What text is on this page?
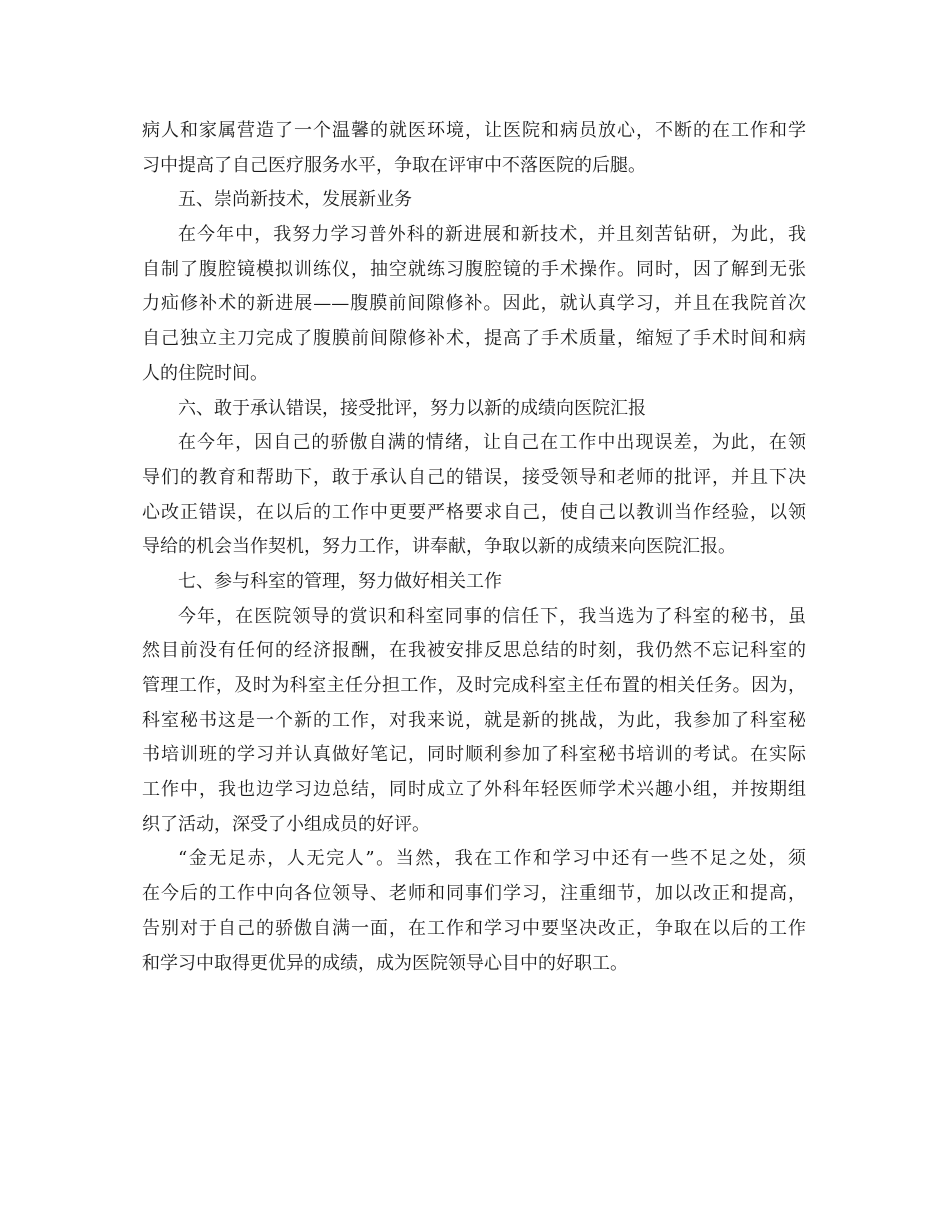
病人和家属营造了一个温馨的就医环境，让医院和病员放心，不断的在工作和学
习中提高了自己医疗服务水平，争取在评审中不落医院的后腿。
五、崇尚新技术，发展新业务
在今年中，我努力学习普外科的新进展和新技术，并且刻苦钻研，为此，我
自制了腹腔镜模拟训练仪，抽空就练习腹腔镜的手术操作。同时，因了解到无张
力疝修补术的新进展——腹膜前间隙修补。因此，就认真学习，并且在我院首次
自己独立主刀完成了腹膜前间隙修补术，提高了手术质量，缩短了手术时间和病
人的住院时间。
六、敢于承认错误，接受批评，努力以新的成绩向医院汇报
在今年，因自己的骄傲自满的情绪，让自己在工作中出现误差，为此，在领
导们的教育和帮助下，敢于承认自己的错误，接受领导和老师的批评，并且下决
心改正错误，在以后的工作中更要严格要求自己，使自己以教训当作经验，以领
导给的机会当作契机，努力工作，讲奉献，争取以新的成绩来向医院汇报。
七、参与科室的管理，努力做好相关工作
今年，在医院领导的赏识和科室同事的信任下，我当选为了科室的秘书，虽
然目前没有任何的经济报酬，在我被安排反思总结的时刻，我仍然不忘记科室的
管理工作，及时为科室主任分担工作，及时完成科室主任布置的相关任务。因为，
科室秘书这是一个新的工作，对我来说，就是新的挑战，为此，我参加了科室秘
书培训班的学习并认真做好笔记，同时顺利参加了科室秘书培训的考试。在实际
工作中，我也边学习边总结，同时成立了外科年轻医师学术兴趣小组，并按期组
织了活动，深受了小组成员的好评。
“金无足赤，人无完人”。当然，我在工作和学习中还有一些不足之处，须
在今后的工作中向各位领导、老师和同事们学习，注重细节，加以改正和提高，
告别对于自己的骄傲自满一面，在工作和学习中要坚决改正，争取在以后的工作
和学习中取得更优异的成绩，成为医院领导心目中的好职工。
